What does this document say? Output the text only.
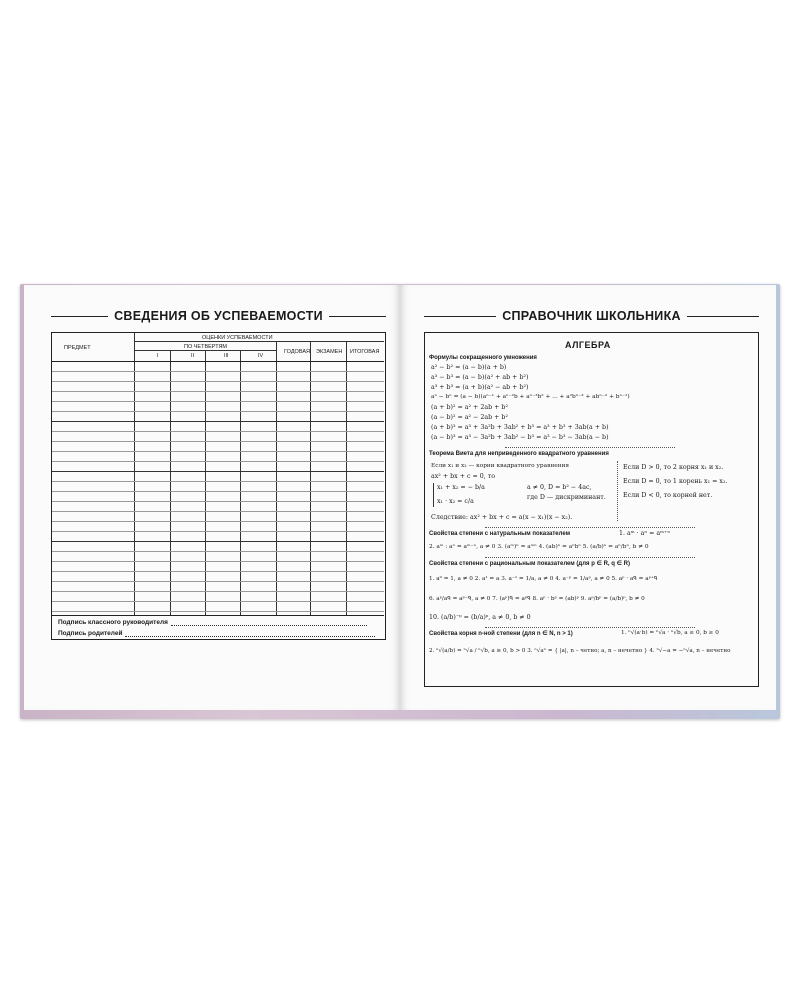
СВЕДЕНИЯ ОБ УСПЕВАЕМОСТИ
ПРЕДМЕТ
ОЦЕНКИ УСПЕВАЕМОСТИ
ПО ЧЕТВЕРТЯМ
I	II	III	IV
ГОДОВАЯ ЭКЗАМЕН ИТОГОВАЯ
Подпись классного руководителя
Подпись родителей
СПРАВОЧНИК ШКОЛЬНИКА
АЛГЕБРА
Формулы сокращенного умножения
a² − b² = (a − b)(a + b)
a³ − b³ = (a − b)(a² + ab + b²)
a³ + b³ = (a + b)(a² − ab + b²)
aⁿ − bⁿ = (a − b)(aⁿ⁻¹ + aⁿ⁻²b + aⁿ⁻³b² + ... + a²bⁿ⁻³ + abⁿ⁻² + bⁿ⁻¹)
(a + b)² = a² + 2ab + b²
(a − b)² = a² − 2ab + b²
(a + b)³ = a³ + 3a²b + 3ab² + b³ = a³ + b³ + 3ab(a + b)
(a − b)³ = a³ − 3a²b + 3ab² − b³ = a³ − b³ − 3ab(a − b)
Теорема Виета для неприведенного квадратного уравнения
Если x₁ и x₂ — корни квадратного уравнения
ax² + bx + c = 0, то
x₁ + x₂ = − b/a	a ≠ 0, D = b² − 4ac,
x₁ · x₂ = c/a
где D — дискриминант.
Следствие: ax² + bx + c = a(x − x₁)(x − x₂).
Если D > 0, то 2 корня x₁ и x₂.
Если D = 0, то 1 корень x₁ = x₂.
Если D < 0, то корней нет.
Свойства степени с натуральным показателем	1. aᵐ · aⁿ = aᵐ⁺ⁿ
2. aᵐ : aⁿ = aᵐ⁻ⁿ, a ≠ 0 3. (aᵐ)ⁿ = aᵐⁿ 4. (ab)ⁿ = aⁿbⁿ 5. (a/b)ⁿ = aⁿ/bⁿ, b ≠ 0
Свойства степени с рациональным показателем (для p ∈ R, q ∈ R)
1. a⁰ = 1, a ≠ 0 2. a¹ = a 3. a⁻¹ = 1/a, a ≠ 0 4. a⁻ᵖ = 1/aᵖ, a ≠ 0 5. aᵖ · aᑫ = aᵖ⁺ᑫ
6. aᵖ/aᑫ = aᵖ⁻ᑫ, a ≠ 0 7. (aᵖ)ᑫ = aᵖᑫ 8. aᵖ · bᵖ = (ab)ᵖ 9. aᵖ/bᵖ = (a/b)ᵖ, b ≠ 0
10. (a/b)⁻ᵖ = (b/a)ᵖ, a ≠ 0, b ≠ 0
Свойства корня n-ной степени (для n ∈ N, n > 1)	1. ⁿ√(a·b) = ⁿ√a · ⁿ√b, a ≥ 0, b ≥ 0
2. ⁿ√(a/b) = ⁿ√a / ⁿ√b, a ≥ 0, b > 0 3. ⁿ√aⁿ = { |a|, n – четно; a, n – нечетно } 4. ⁿ√−a = −ⁿ√a, n – нечетно
